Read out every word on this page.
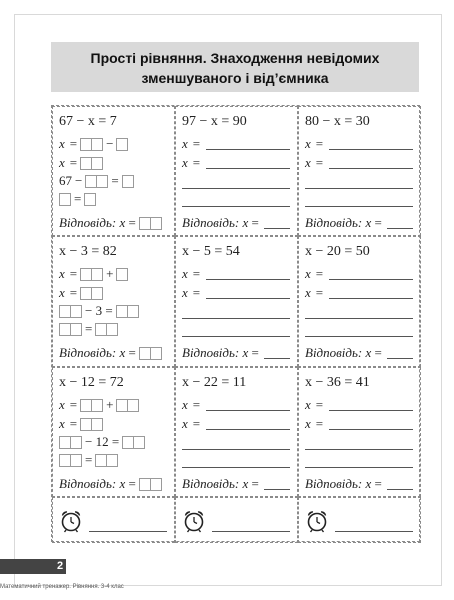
Прості рівняння. Знаходження невідомих
зменшуваного і від’ємника
67 − x = 7
x = −
x =
67 − =
=
Відповідь:
x
=

97 − x = 90
x =
x =
Відповідь:
x
=
80 − x = 30
x =
x =
Відповідь:
x
=
x − 3 = 82
x = +
x =
− 3 =
=
Відповідь:
x
=

x − 5 = 54
x =
x =
Відповідь:
x
=
x − 20 = 50
x =
x =
Відповідь:
x
=
x − 12 = 72
x = +
x =
− 12 =
=
Відповідь:
x
=

x − 22 = 11
x =
x =
Відповідь:
x
=
x − 36 = 41
x =
x =
Відповідь:
x
=
2
Математичний тренажер. Рівняння. 3-4 клас
